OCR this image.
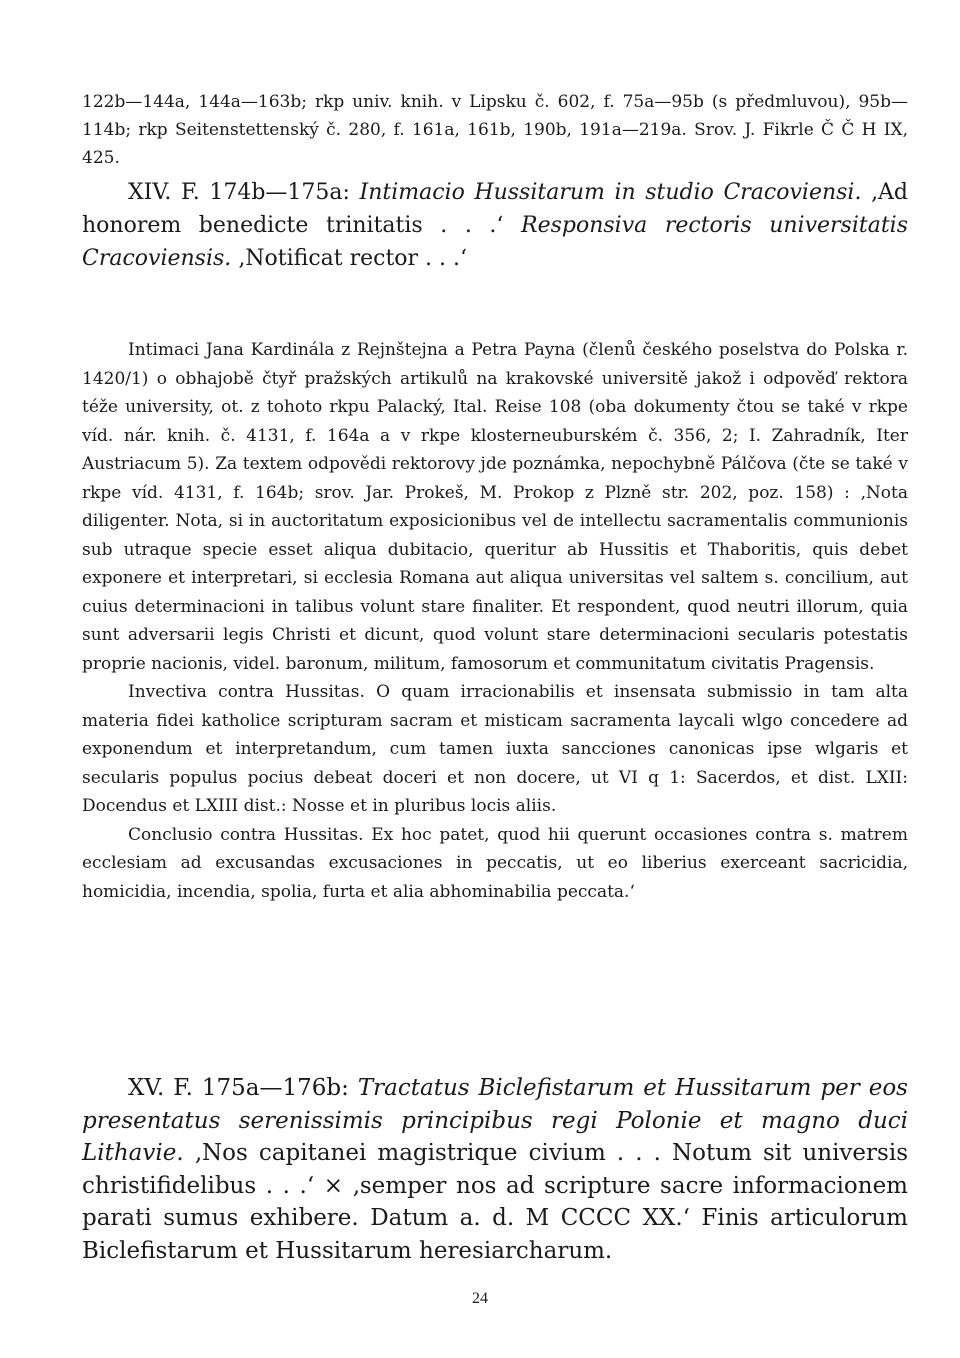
122b—144a, 144a—163b; rkp univ. knih. v Lipsku č. 602, f. 75a—95b (s předmluvou), 95b—114b; rkp Seitenstettenský č. 280, f. 161a, 161b, 190b, 191a—219a. Srov. J. Fikrle Č Č H IX, 425.

XIV. F. 174b—175a: Intimacio Hussitarum in studio Cracoviensi. ‚Ad honorem benedicte trinitatis . . .‘ Responsiva rectoris universitatis Cracoviensis. ‚Notificat rector . . .‘

Intimaci Jana Kardinála z Rejnštejna a Petra Payna (členů českého poselstva do Polska r. 1420/1) o obhajobě čtyř pražských artikulů na krakovské universitě jakož i odpověď rektora téže university, ot. z tohoto rkpu Palacký, Ital. Reise 108 (oba dokumenty čtou se také v rkpe víd. nár. knih. č. 4131, f. 164a a v rkpe klosterneuburském č. 356, 2; I. Zahradník, Iter Austriacum 5). Za textem odpovědi rektorovy jde poznámka, nepochybně Pálčova (čte se také v rkpe víd. 4131, f. 164b; srov. Jar. Prokeš, M. Prokop z Plzně str. 202, poz. 158) : ‚Nota diligenter. Nota, si in auctoritatum exposicionibus vel de intellectu sacramentalis communionis sub utraque specie esset aliqua dubitacio, queritur ab Hussitis et Thaboritis, quis debet exponere et interpretari, si ecclesia Romana aut aliqua universitas vel saltem s. concilium, aut cuius determinacioni in talibus volunt stare finaliter. Et respondent, quod neutri illorum, quia sunt adversarii legis Christi et dicunt, quod volunt stare determinacioni secularis potestatis proprie nacionis, videl. baronum, militum, famosorum et communitatum civitatis Pragensis.

Invectiva contra Hussitas. O quam irracionabilis et insensata submissio in tam alta materia fidei katholice scripturam sacram et misticam sacramenta laycali wlgo concedere ad exponendum et interpretandum, cum tamen iuxta sancciones canonicas ipse wlgaris et secularis populus pocius debeat doceri et non docere, ut VI q 1: Sacerdos, et dist. LXII: Docendus et LXIII dist.: Nosse et in pluribus locis aliis.

Conclusio contra Hussitas. Ex hoc patet, quod hii querunt occasiones contra s. matrem ecclesiam ad excusandas excusaciones in peccatis, ut eo liberius exerceant sacricidia, homicidia, incendia, spolia, furta et alia abhominabilia peccata.‘

XV. F. 175a—176b: Tractatus Biclefistarum et Hussitarum per eos presentatus serenissimis principibus regi Polonie et magno duci Lithavie. ‚Nos capitanei magistrique civium . . . Notum sit universis christifidelibus . . .‘ × ‚semper nos ad scripture sacre informacionem parati sumus exhibere. Datum a. d. M CCCC XX.‘ Finis articulorum Biclefistarum et Hussitarum heresiarcharum.

24
